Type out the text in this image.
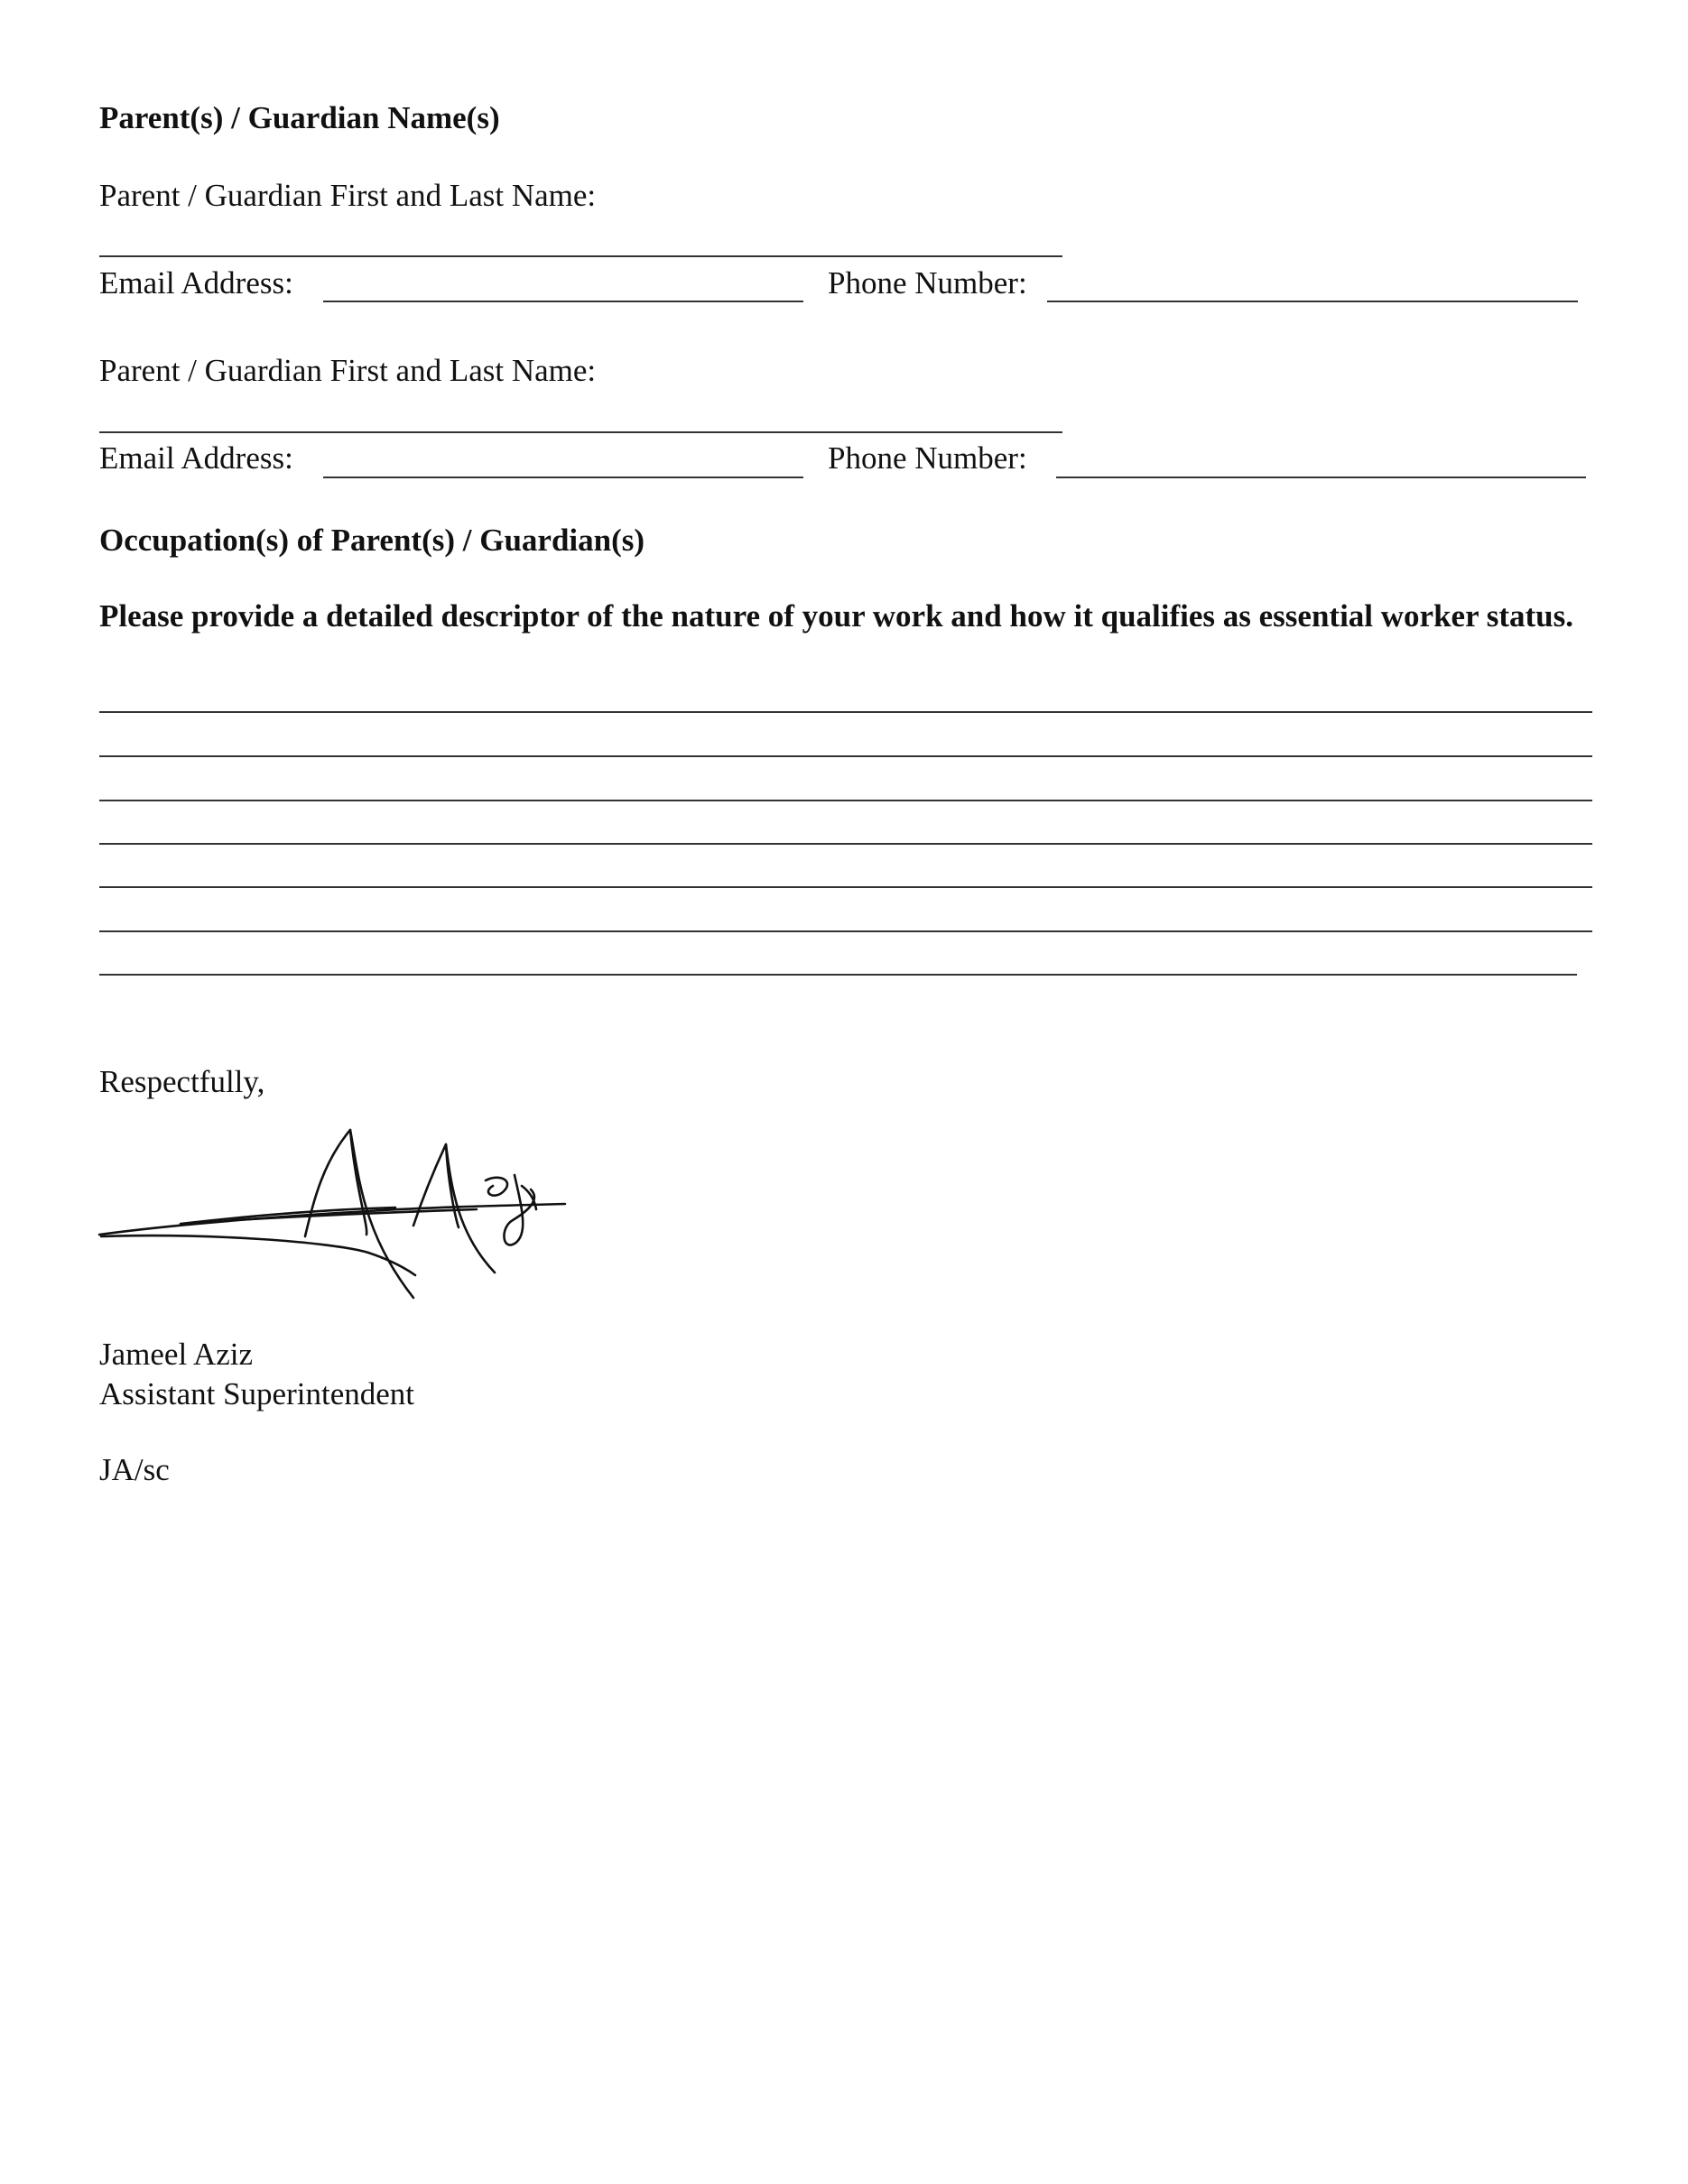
Parent(s) / Guardian Name(s)
Parent / Guardian First and Last Name:
Email Address:	Phone Number:
Parent / Guardian First and Last Name:
Email Address:	Phone Number:
Occupation(s) of Parent(s) / Guardian(s)
Please provide a detailed descriptor of the nature of your work and how it qualifies as essential worker status.
Respectfully,
Jameel Aziz
Assistant Superintendent
JA/sc
